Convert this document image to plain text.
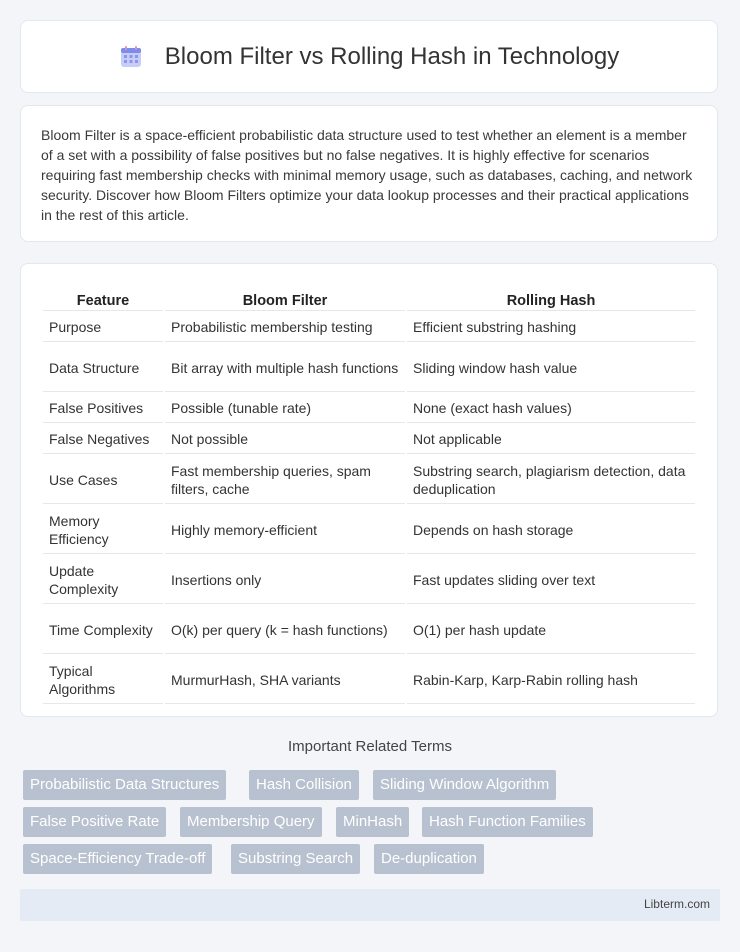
Bloom Filter vs Rolling Hash in Technology

Bloom Filter is a space-efficient probabilistic data structure used to test whether an element is a member of a set with a possibility of false positives but no false negatives. It is highly effective for scenarios requiring fast membership checks with minimal memory usage, such as databases, caching, and network security. Discover how Bloom Filters optimize your data lookup processes and their practical applications in the rest of this article.

Feature	Bloom Filter	Rolling Hash
Purpose	Probabilistic membership testing	Efficient substring hashing
Data Structure	Bit array with multiple hash functions	Sliding window hash value
False Positives	Possible (tunable rate)	None (exact hash values)
False Negatives	Not possible	Not applicable
Use Cases	Fast membership queries, spam filters, cache	Substring search, plagiarism detection, data deduplication
Memory Efficiency	Highly memory-efficient	Depends on hash storage
Update Complexity	Insertions only	Fast updates sliding over text
Time Complexity	O(k) per query (k = hash functions)	O(1) per hash update
Typical Algorithms	MurmurHash, SHA variants	Rabin-Karp, Karp-Rabin rolling hash
Important Related Terms
Probabilistic Data Structures	Hash Collision	Sliding Window Algorithm
False Positive Rate	Membership Query	MinHash	Hash Function Families
Space-Efficiency Trade-off	Substring Search	De-duplication
Libterm.com
